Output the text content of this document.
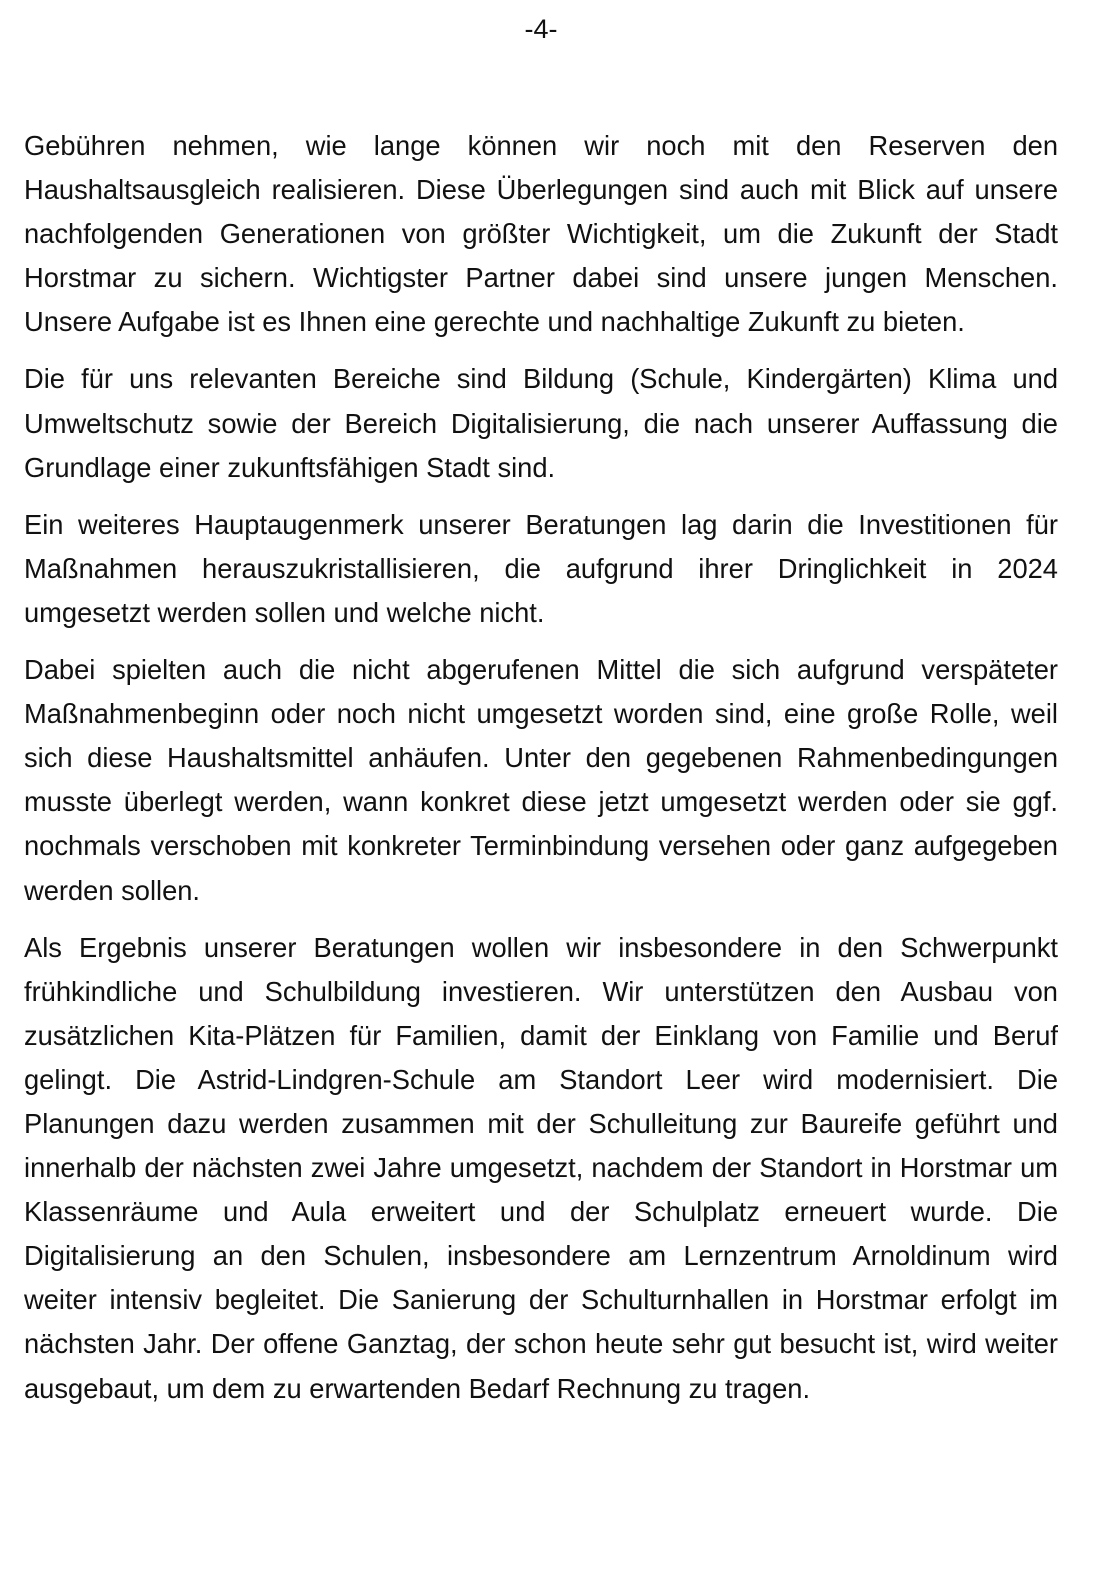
-4-

Gebühren nehmen, wie lange können wir noch mit den Reserven den Haushaltsausgleich realisieren. Diese Überlegungen sind auch mit Blick auf unsere nachfolgenden Generationen von größter Wichtigkeit, um die Zukunft der Stadt Horstmar zu sichern. Wichtigster Partner dabei sind unsere jungen Menschen. Unsere Aufgabe ist es Ihnen eine gerechte und nachhaltige Zukunft zu bieten.

Die für uns relevanten Bereiche sind Bildung (Schule, Kindergärten) Klima und Umweltschutz sowie der Bereich Digitalisierung, die nach unserer Auffassung die Grundlage einer zukunftsfähigen Stadt sind.

Ein weiteres Hauptaugenmerk unserer Beratungen lag darin die Investitionen für Maßnahmen herauszukristallisieren, die aufgrund ihrer Dringlichkeit in 2024 umgesetzt werden sollen und welche nicht.

Dabei spielten auch die nicht abgerufenen Mittel die sich aufgrund verspäteter Maßnahmenbeginn oder noch nicht umgesetzt worden sind, eine große Rolle, weil sich diese Haushaltsmittel anhäufen. Unter den gegebenen Rahmenbedingungen musste überlegt werden, wann konkret diese jetzt umgesetzt werden oder sie ggf. nochmals verschoben mit konkreter Terminbindung versehen oder ganz aufgegeben werden sollen.

Als Ergebnis unserer Beratungen wollen wir insbesondere in den Schwerpunkt frühkindliche und Schulbildung investieren. Wir unterstützen den Ausbau von zusätzlichen Kita-Plätzen für Familien, damit der Einklang von Familie und Beruf gelingt. Die Astrid-Lindgren-Schule am Standort Leer wird modernisiert. Die Planungen dazu werden zusammen mit der Schulleitung zur Baureife geführt und innerhalb der nächsten zwei Jahre umgesetzt, nachdem der Standort in Horstmar um Klassenräume und Aula erweitert und der Schulplatz erneuert wurde. Die Digitalisierung an den Schulen, insbesondere am Lernzentrum Arnoldinum wird weiter intensiv begleitet. Die Sanierung der Schulturnhallen in Horstmar erfolgt im nächsten Jahr. Der offene Ganztag, der schon heute sehr gut besucht ist, wird weiter ausgebaut, um dem zu erwartenden Bedarf Rechnung zu tragen.
